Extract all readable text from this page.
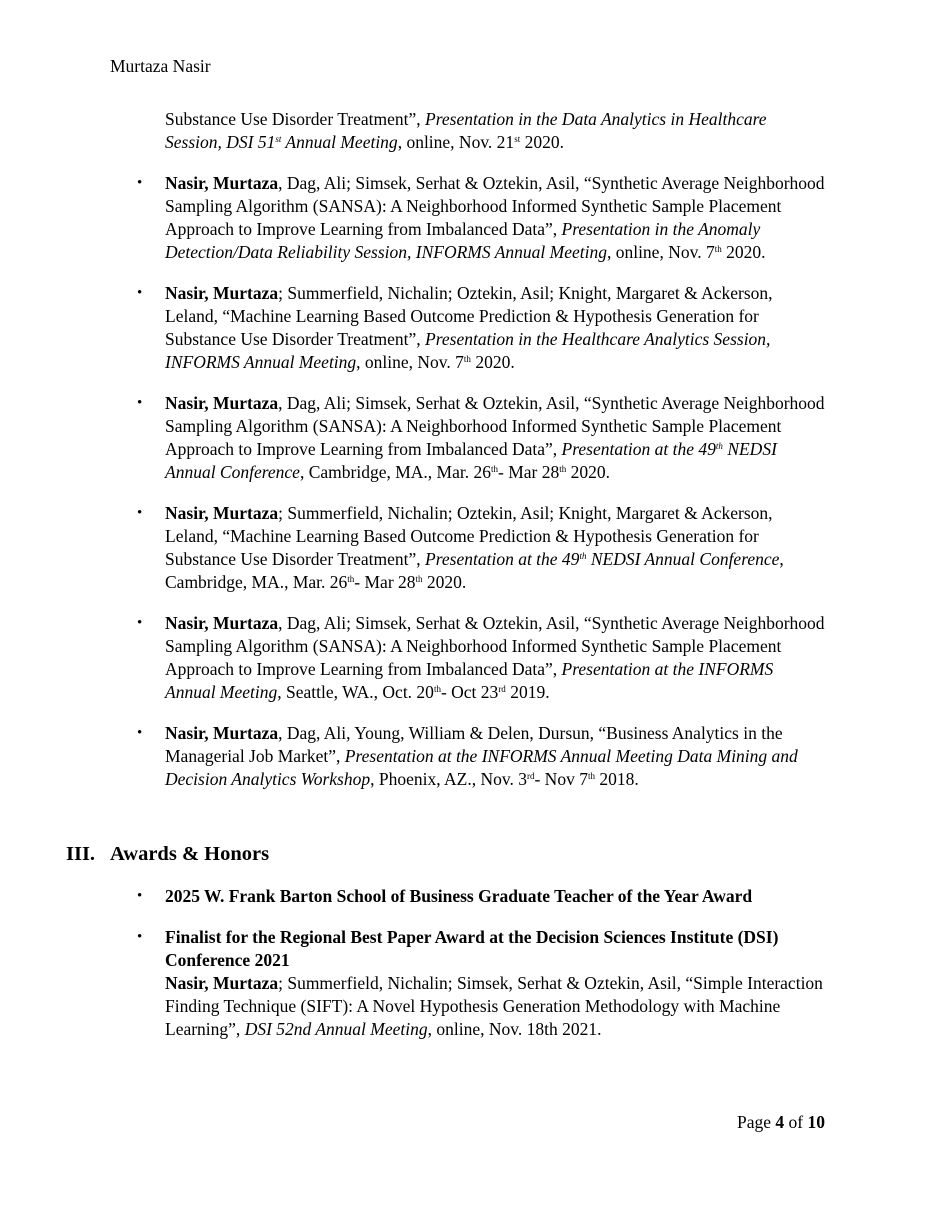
Murtaza Nasir
Substance Use Disorder Treatment”, Presentation in the Data Analytics in Healthcare Session, DSI 51st Annual Meeting, online, Nov. 21st 2020.
• Nasir, Murtaza, Dag, Ali; Simsek, Serhat & Oztekin, Asil, “Synthetic Average Neighborhood Sampling Algorithm (SANSA): A Neighborhood Informed Synthetic Sample Placement Approach to Improve Learning from Imbalanced Data”, Presentation in the Anomaly Detection/Data Reliability Session, INFORMS Annual Meeting, online, Nov. 7th 2020.
• Nasir, Murtaza; Summerfield, Nichalin; Oztekin, Asil; Knight, Margaret & Ackerson, Leland, “Machine Learning Based Outcome Prediction & Hypothesis Generation for Substance Use Disorder Treatment”, Presentation in the Healthcare Analytics Session, INFORMS Annual Meeting, online, Nov. 7th 2020.
• Nasir, Murtaza, Dag, Ali; Simsek, Serhat & Oztekin, Asil, “Synthetic Average Neighborhood Sampling Algorithm (SANSA): A Neighborhood Informed Synthetic Sample Placement Approach to Improve Learning from Imbalanced Data”, Presentation at the 49th NEDSI Annual Conference, Cambridge, MA., Mar. 26th- Mar 28th 2020.
• Nasir, Murtaza; Summerfield, Nichalin; Oztekin, Asil; Knight, Margaret & Ackerson, Leland, “Machine Learning Based Outcome Prediction & Hypothesis Generation for Substance Use Disorder Treatment”, Presentation at the 49th NEDSI Annual Conference, Cambridge, MA., Mar. 26th- Mar 28th 2020.
• Nasir, Murtaza, Dag, Ali; Simsek, Serhat & Oztekin, Asil, “Synthetic Average Neighborhood Sampling Algorithm (SANSA): A Neighborhood Informed Synthetic Sample Placement Approach to Improve Learning from Imbalanced Data”, Presentation at the INFORMS Annual Meeting, Seattle, WA., Oct. 20th- Oct 23rd 2019.
• Nasir, Murtaza, Dag, Ali, Young, William & Delen, Dursun, “Business Analytics in the Managerial Job Market”, Presentation at the INFORMS Annual Meeting Data Mining and Decision Analytics Workshop, Phoenix, AZ., Nov. 3rd- Nov 7th 2018.
III. Awards & Honors
• 2025 W. Frank Barton School of Business Graduate Teacher of the Year Award
• Finalist for the Regional Best Paper Award at the Decision Sciences Institute (DSI) Conference 2021
Nasir, Murtaza; Summerfield, Nichalin; Simsek, Serhat & Oztekin, Asil, “Simple Interaction Finding Technique (SIFT): A Novel Hypothesis Generation Methodology with Machine Learning”, DSI 52nd Annual Meeting, online, Nov. 18th 2021.
Page 4 of 10
